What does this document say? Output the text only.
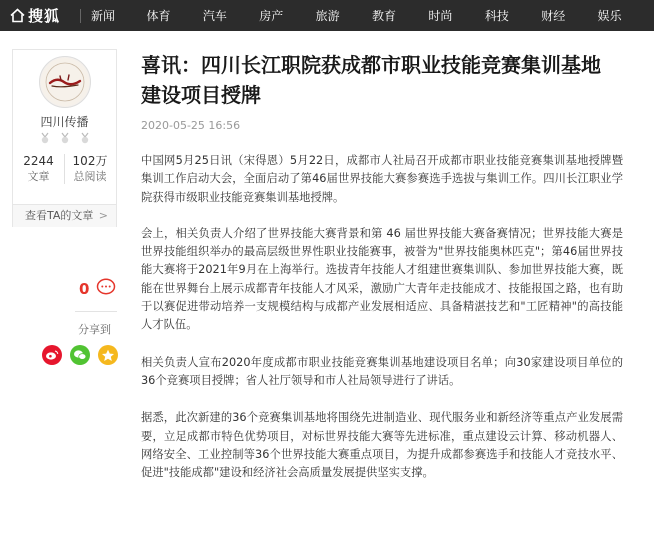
搜狐	新闻	体育	汽车	房产	旅游	教育	时尚	科技	财经	娱乐
四川传播
2244
文章
102万
总阅读
查看TA的文章 >
0
分享到
喜讯：四川长江职院获成都市职业技能竞赛集训基地建设项目授牌
2020-05-25 16:56

中国网5月25日讯（宋得恩）5月22日，成都市人社局召开成都市职业技能竞赛集训基地授牌暨集训工作启动大会，全面启动了第46届世界技能大赛参赛选手选拔与集训工作。四川长江职业学院获得市级职业技能竞赛集训基地授牌。

会上，相关负责人介绍了世界技能大赛背景和第 46 届世界技能大赛备赛情况；世界技能大赛是世界技能组织举办的最高层级世界性职业技能赛事，被誉为"世界技能奥林匹克"；第46届世界技能大赛将于2021年9月在上海举行。选拔青年技能人才组建世赛集训队、参加世界技能大赛，既能在世界舞台上展示成都青年技能人才风采，激励广大青年走技能成才、技能报国之路，也有助于以赛促进带动培养一支规模结构与成都产业发展相适应、具备精湛技艺和"工匠精神"的高技能人才队伍。

相关负责人宣布2020年度成都市职业技能竞赛集训基地建设项目名单；向30家建设项目单位的36个竞赛项目授牌；省人社厅领导和市人社局领导进行了讲话。

据悉，此次新建的36个竞赛集训基地将围绕先进制造业、现代服务业和新经济等重点产业发展需要，立足成都市特色优势项目，对标世界技能大赛等先进标准，重点建设云计算、移动机器人、网络安全、工业控制等36个世界技能大赛重点项目，为提升成都参赛选手和技能人才竞技水平、促进"技能成都"建设和经济社会高质量发展提供坚实支撑。
